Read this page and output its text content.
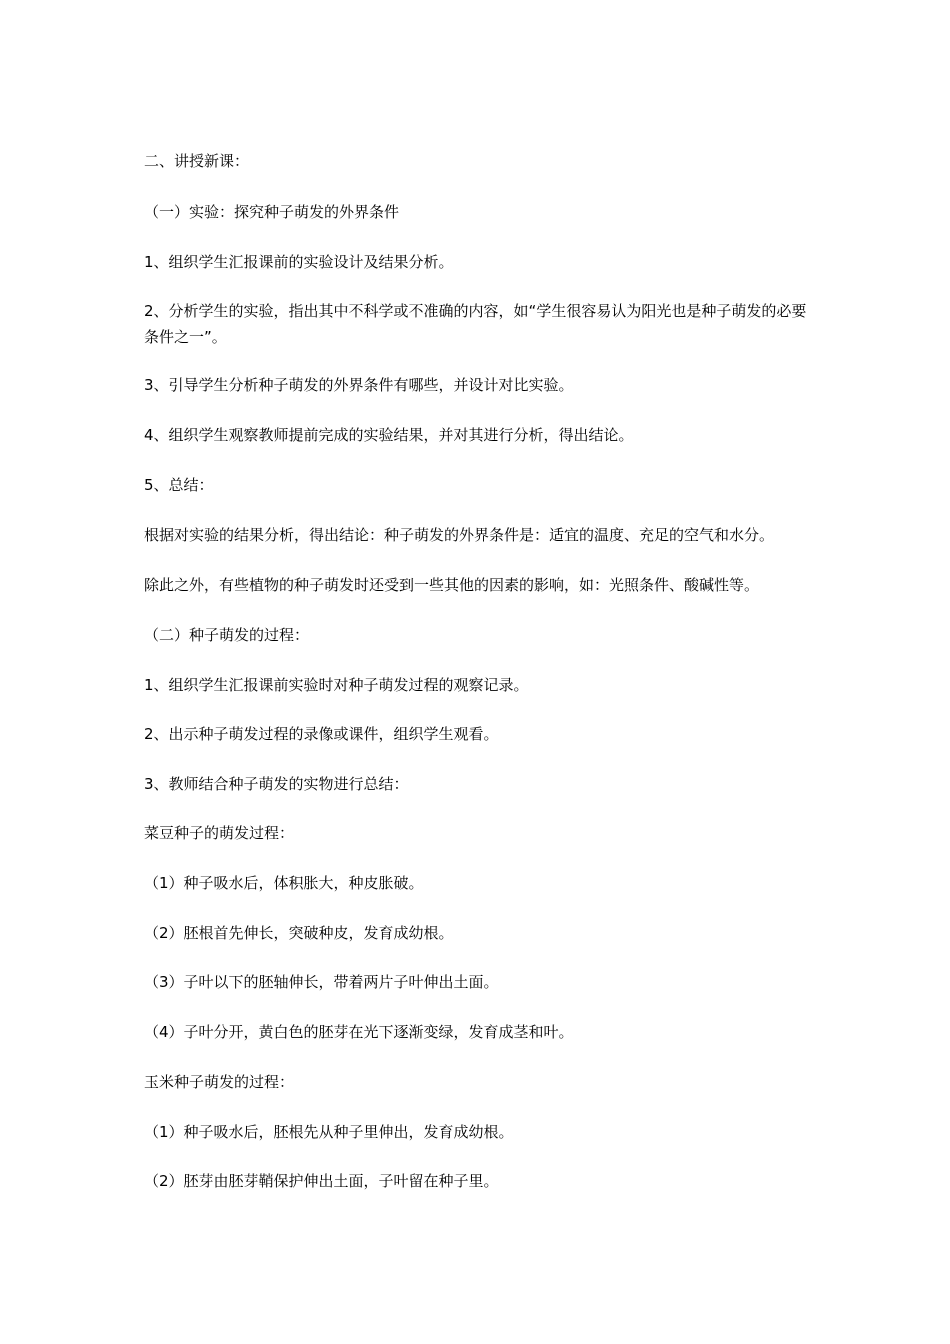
二、讲授新课：
（一）实验：探究种子萌发的外界条件
1、组织学生汇报课前的实验设计及结果分析。
2、分析学生的实验，指出其中不科学或不准确的内容，如“学生很容易认为阳光也是种子萌发的必要条件之一”。
3、引导学生分析种子萌发的外界条件有哪些，并设计对比实验。
4、组织学生观察教师提前完成的实验结果，并对其进行分析，得出结论。
5、总结：
根据对实验的结果分析，得出结论：种子萌发的外界条件是：适宜的温度、充足的空气和水分。
除此之外，有些植物的种子萌发时还受到一些其他的因素的影响，如：光照条件、酸碱性等。
（二）种子萌发的过程：
1、组织学生汇报课前实验时对种子萌发过程的观察记录。
2、出示种子萌发过程的录像或课件，组织学生观看。
3、教师结合种子萌发的实物进行总结：
菜豆种子的萌发过程：
（1）种子吸水后，体积胀大，种皮胀破。
（2）胚根首先伸长，突破种皮，发育成幼根。
（3）子叶以下的胚轴伸长，带着两片子叶伸出土面。
（4）子叶分开，黄白色的胚芽在光下逐渐变绿，发育成茎和叶。
玉米种子萌发的过程：
（1）种子吸水后，胚根先从种子里伸出，发育成幼根。
（2）胚芽由胚芽鞘保护伸出土面，子叶留在种子里。
